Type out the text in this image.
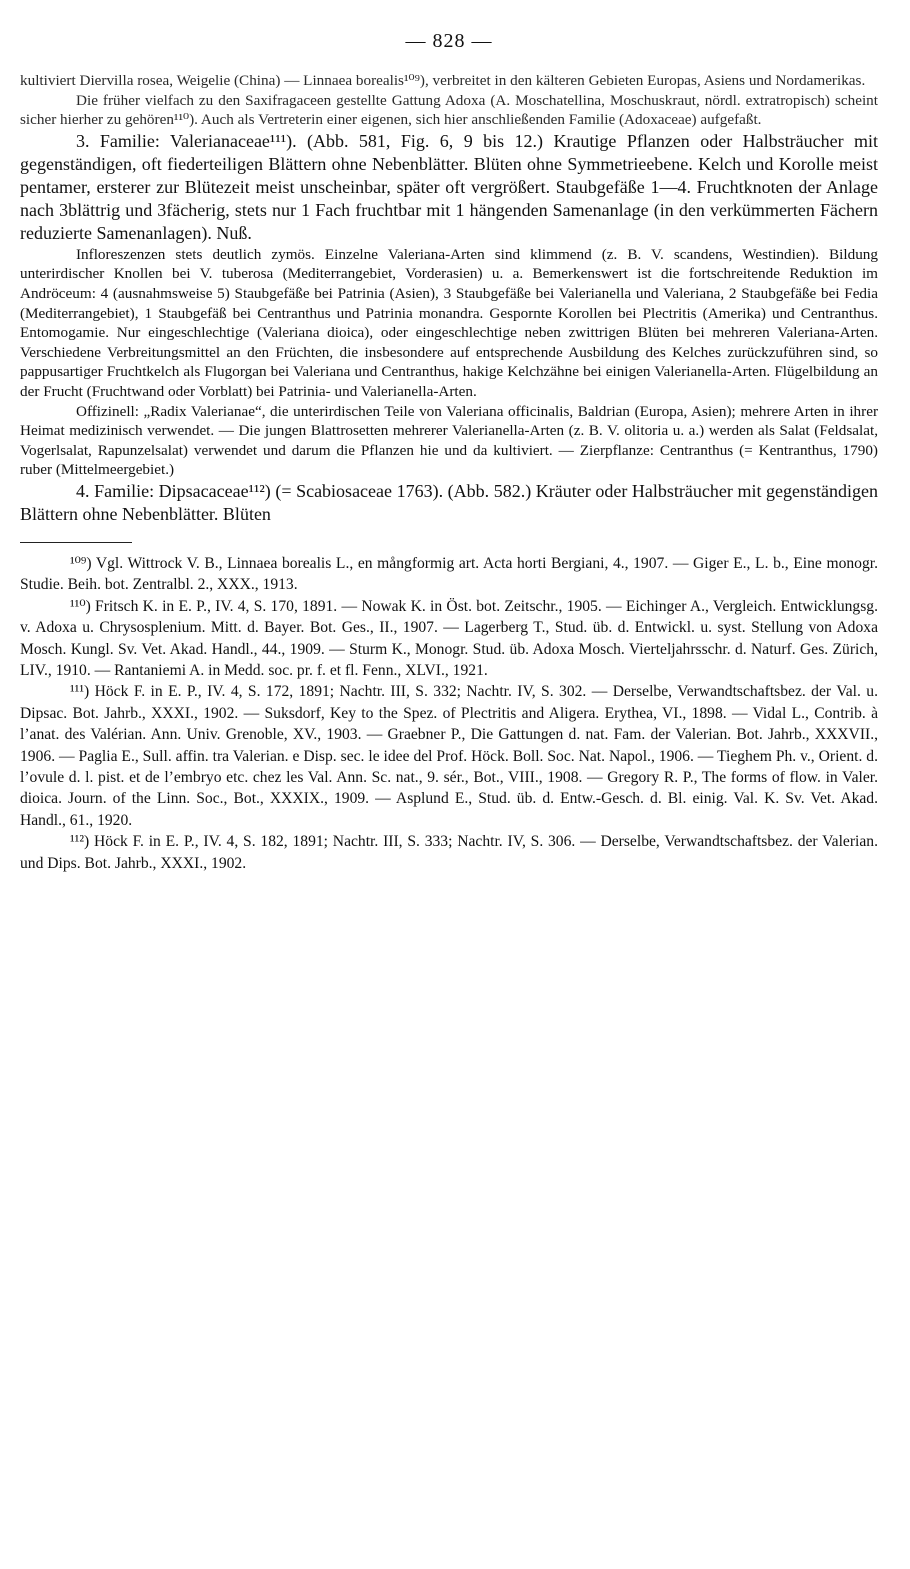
— 828 —

kultiviert Diervilla rosea, Weigelie (China) — Linnaea borealis¹⁰⁹), verbreitet in den kälteren Gebieten Europas, Asiens und Nordamerikas.

Die früher vielfach zu den Saxifragaceen gestellte Gattung Adoxa (A. Moschatellina, Moschuskraut, nördl. extratropisch) scheint sicher hierher zu gehören¹¹⁰). Auch als Vertreterin einer eigenen, sich hier anschließenden Familie (Adoxaceae) aufgefaßt.

3. Familie: Valerianaceae¹¹¹). (Abb. 581, Fig. 6, 9 bis 12.) Krautige Pflanzen oder Halbsträucher mit gegenständigen, oft fiederteiligen Blättern ohne Nebenblätter. Blüten ohne Symmetrieebene. Kelch und Korolle meist pentamer, ersterer zur Blütezeit meist unscheinbar, später oft vergrößert. Staubgefäße 1—4. Fruchtknoten der Anlage nach 3blättrig und 3fächerig, stets nur 1 Fach fruchtbar mit 1 hängenden Samenanlage (in den verkümmerten Fächern reduzierte Samenanlagen). Nuß.

Infloreszenzen stets deutlich zymös. Einzelne Valeriana-Arten sind klimmend (z. B. V. scandens, Westindien). Bildung unterirdischer Knollen bei V. tuberosa (Mediterrangebiet, Vorderasien) u. a. Bemerkenswert ist die fortschreitende Reduktion im Andröceum: 4 (ausnahmsweise 5) Staubgefäße bei Patrinia (Asien), 3 Staubgefäße bei Valerianella und Valeriana, 2 Staubgefäße bei Fedia (Mediterrangebiet), 1 Staubgefäß bei Centranthus und Patrinia monandra. Gespornte Korollen bei Plectritis (Amerika) und Centranthus. Entomogamie. Nur eingeschlechtige (Valeriana dioica), oder eingeschlechtige neben zwittrigen Blüten bei mehreren Valeriana-Arten. Verschiedene Verbreitungsmittel an den Früchten, die insbesondere auf entsprechende Ausbildung des Kelches zurückzuführen sind, so pappusartiger Fruchtkelch als Flugorgan bei Valeriana und Centranthus, hakige Kelchzähne bei einigen Valerianella-Arten. Flügelbildung an der Frucht (Fruchtwand oder Vorblatt) bei Patrinia- und Valerianella-Arten.

Offizinell: „Radix Valerianae“, die unterirdischen Teile von Valeriana officinalis, Baldrian (Europa, Asien); mehrere Arten in ihrer Heimat medizinisch verwendet. — Die jungen Blattrosetten mehrerer Valerianella-Arten (z. B. V. olitoria u. a.) werden als Salat (Feldsalat, Vogerlsalat, Rapunzelsalat) verwendet und darum die Pflanzen hie und da kultiviert. — Zierpflanze: Centranthus (= Kentranthus, 1790) ruber (Mittelmeergebiet.)

4. Familie: Dipsacaceae¹¹²) (= Scabiosaceae 1763). (Abb. 582.) Kräuter oder Halbsträucher mit gegenständigen Blättern ohne Nebenblätter. Blüten

¹⁰⁹) Vgl. Wittrock V. B., Linnaea borealis L., en mångformig art. Acta horti Bergiani, 4., 1907. — Giger E., L. b., Eine monogr. Studie. Beih. bot. Zentralbl. 2., XXX., 1913.

¹¹⁰) Fritsch K. in E. P., IV. 4, S. 170, 1891. — Nowak K. in Öst. bot. Zeitschr., 1905. — Eichinger A., Vergleich. Entwicklungsg. v. Adoxa u. Chrysosplenium. Mitt. d. Bayer. Bot. Ges., II., 1907. — Lagerberg T., Stud. üb. d. Entwickl. u. syst. Stellung von Adoxa Mosch. Kungl. Sv. Vet. Akad. Handl., 44., 1909. — Sturm K., Monogr. Stud. üb. Adoxa Mosch. Vierteljahrsschr. d. Naturf. Ges. Zürich, LIV., 1910. — Rantaniemi A. in Medd. soc. pr. f. et fl. Fenn., XLVI., 1921.

¹¹¹) Höck F. in E. P., IV. 4, S. 172, 1891; Nachtr. III, S. 332; Nachtr. IV, S. 302. — Derselbe, Verwandtschaftsbez. der Val. u. Dipsac. Bot. Jahrb., XXXI., 1902. — Suksdorf, Key to the Spez. of Plectritis and Aligera. Erythea, VI., 1898. — Vidal L., Contrib. à l’anat. des Valérian. Ann. Univ. Grenoble, XV., 1903. — Graebner P., Die Gattungen d. nat. Fam. der Valerian. Bot. Jahrb., XXXVII., 1906. — Paglia E., Sull. affin. tra Valerian. e Disp. sec. le idee del Prof. Höck. Boll. Soc. Nat. Napol., 1906. — Tieghem Ph. v., Orient. d. l’ovule d. l. pist. et de l’embryo etc. chez les Val. Ann. Sc. nat., 9. sér., Bot., VIII., 1908. — Gregory R. P., The forms of flow. in Valer. dioica. Journ. of the Linn. Soc., Bot., XXXIX., 1909. — Asplund E., Stud. üb. d. Entw.-Gesch. d. Bl. einig. Val. K. Sv. Vet. Akad. Handl., 61., 1920.

¹¹²) Höck F. in E. P., IV. 4, S. 182, 1891; Nachtr. III, S. 333; Nachtr. IV, S. 306. — Derselbe, Verwandtschaftsbez. der Valerian. und Dips. Bot. Jahrb., XXXI., 1902.
